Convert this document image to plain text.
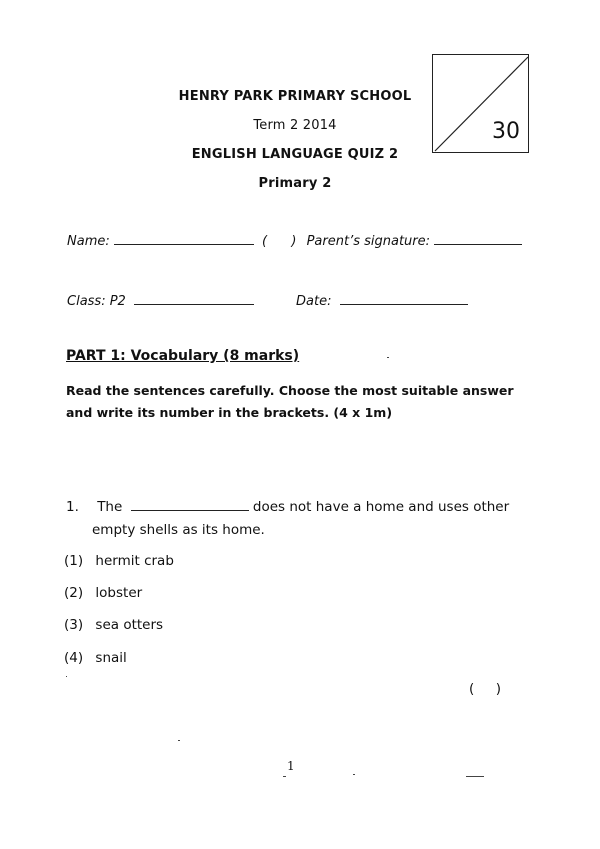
HENRY PARK PRIMARY SCHOOL
Term 2 2014
ENGLISH LANGUAGE QUIZ 2
Primary 2
30
Name:	( ) Parent’s signature:
Class: P2	Date:
PART 1: Vocabulary (8 marks)
Read the sentences carefully. Choose the most suitable answer
and write its number in the brackets. (4 x 1m)
1. The	does not have a home and uses other
empty shells as its home.
(1) hermit crab
(2) lobster
(3) sea otters
(4) snail
(     )
1
